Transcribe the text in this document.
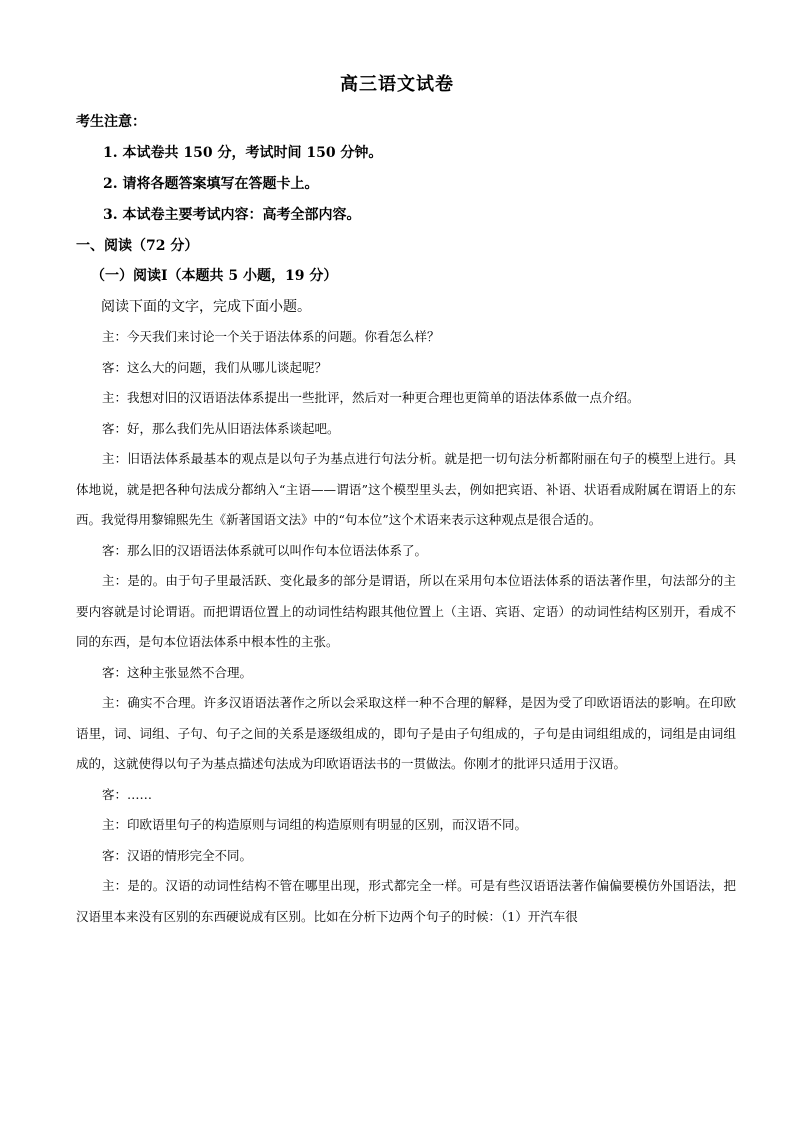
高三语文试卷
考生注意：
1. 本试卷共 150 分，考试时间 150 分钟。
2. 请将各题答案填写在答题卡上。
3. 本试卷主要考试内容：高考全部内容。
一、阅读（72 分）
（一）阅读Ⅰ（本题共 5 小题，19 分）
阅读下面的文字，完成下面小题。

主：今天我们来讨论一个关于语法体系的问题。你看怎么样？

客：这么大的问题，我们从哪儿谈起呢？

主：我想对旧的汉语语法体系提出一些批评，然后对一种更合理也更简单的语法体系做一点介绍。

客：好，那么我们先从旧语法体系谈起吧。

主：旧语法体系最基本的观点是以句子为基点进行句法分析。就是把一切句法分析都附丽在句子的模型上进行。具体地说，就是把各种句法成分都纳入“主语——谓语”这个模型里头去，例如把宾语、补语、状语看成附属在谓语上的东西。我觉得用黎锦熙先生《新著国语文法》中的“句本位”这个术语来表示这种观点是很合适的。

客：那么旧的汉语语法体系就可以叫作句本位语法体系了。

主：是的。由于句子里最活跃、变化最多的部分是谓语，所以在采用句本位语法体系的语法著作里，句法部分的主要内容就是讨论谓语。而把谓语位置上的动词性结构跟其他位置上（主语、宾语、定语）的动词性结构区别开，看成不同的东西，是句本位语法体系中根本性的主张。

客：这种主张显然不合理。

主：确实不合理。许多汉语语法著作之所以会采取这样一种不合理的解释，是因为受了印欧语语法的影响。在印欧语里，词、词组、子句、句子之间的关系是逐级组成的，即句子是由子句组成的，子句是由词组组成的，词组是由词组成的，这就使得以句子为基点描述句法成为印欧语语法书的一贯做法。你刚才的批评只适用于汉语。

客：……

主：印欧语里句子的构造原则与词组的构造原则有明显的区别，而汉语不同。

客：汉语的情形完全不同。

主：是的。汉语的动词性结构不管在哪里出现，形式都完全一样。可是有些汉语语法著作偏偏要模仿外国语法，把汉语里本来没有区别的东西硬说成有区别。比如在分析下边两个句子的时候：（1）开汽车很
